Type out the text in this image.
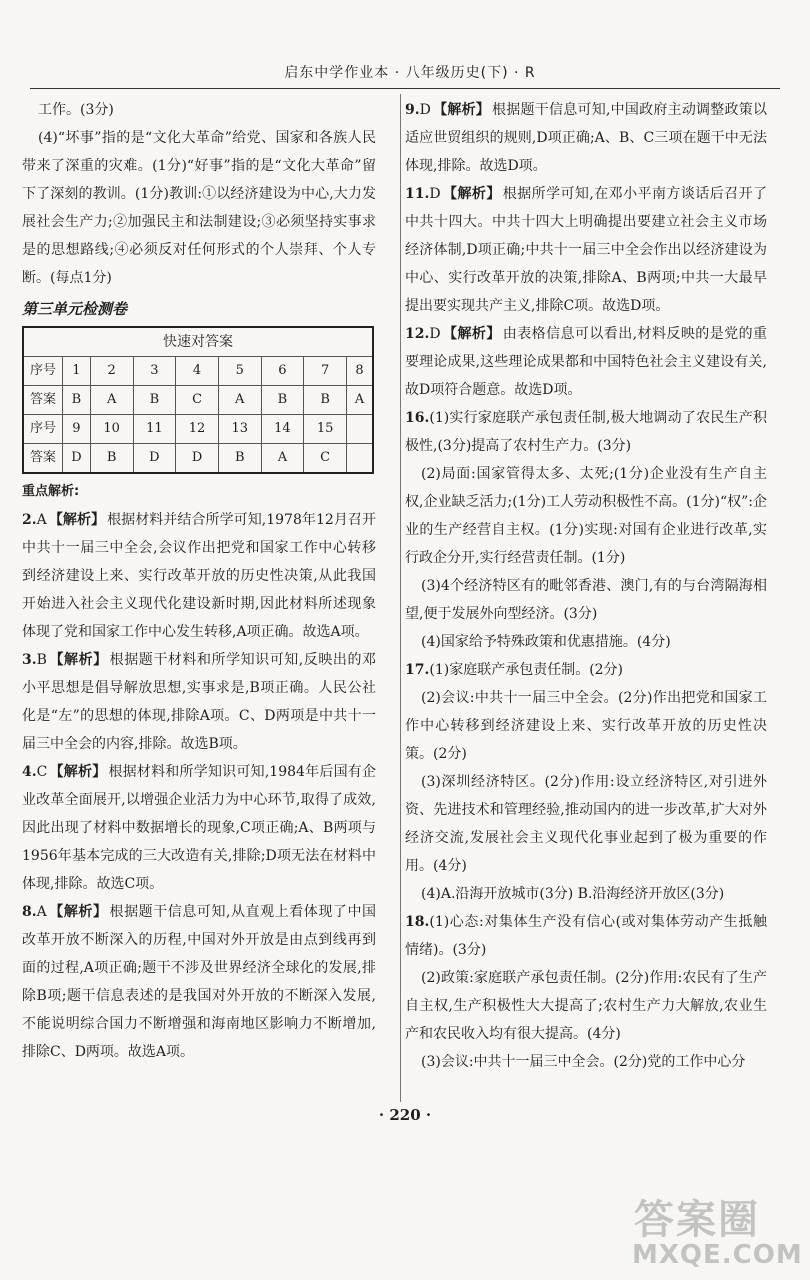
启东中学作业本 · 八年级历史(下) · R

工作。(3分)

(4)“坏事”指的是“文化大革命”给党、国家和各族人民带来了深重的灾难。(1分)“好事”指的是“文化大革命”留下了深刻的教训。(1分)教训:①以经济建设为中心,大力发展社会生产力;②加强民主和法制建设;③必须坚持实事求是的思想路线;④必须反对任何形式的个人崇拜、个人专断。(每点1分)

第三单元检测卷
快速对答案								
序号	1	2	3	4	5	6	7	8
答案	B	A	B	C	A	B	B	A
序号	9	10	11	12	13	14	15	
答案	D	B	D	D	B	A	C	
重点解析:

2.A 【解析】 根据材料并结合所学可知,1978年12月召开中共十一届三中全会,会议作出把党和国家工作中心转移到经济建设上来、实行改革开放的历史性决策,从此我国开始进入社会主义现代化建设新时期,因此材料所述现象体现了党和国家工作中心发生转移,A项正确。故选A项。

3.B 【解析】 根据题干材料和所学知识可知,反映出的邓小平思想是倡导解放思想,实事求是,B项正确。人民公社化是“左”的思想的体现,排除A项。C、D两项是中共十一届三中全会的内容,排除。故选B项。

4.C 【解析】 根据材料和所学知识可知,1984年后国有企业改革全面展开,以增强企业活力为中心环节,取得了成效,因此出现了材料中数据增长的现象,C项正确;A、B两项与1956年基本完成的三大改造有关,排除;D项无法在材料中体现,排除。故选C项。

8.A 【解析】 根据题干信息可知,从直观上看体现了中国改革开放不断深入的历程,中国对外开放是由点到线再到面的过程,A项正确;题干不涉及世界经济全球化的发展,排除B项;题干信息表述的是我国对外开放的不断深入发展,不能说明综合国力不断增强和海南地区影响力不断增加,排除C、D两项。故选A项。

9.D 【解析】 根据题干信息可知,中国政府主动调整政策以适应世贸组织的规则,D项正确;A、B、C三项在题干中无法体现,排除。故选D项。

11.D 【解析】 根据所学可知,在邓小平南方谈话后召开了中共十四大。中共十四大上明确提出要建立社会主义市场经济体制,D项正确;中共十一届三中全会作出以经济建设为中心、实行改革开放的决策,排除A、B两项;中共一大最早提出要实现共产主义,排除C项。故选D项。

12.D 【解析】 由表格信息可以看出,材料反映的是党的重要理论成果,这些理论成果都和中国特色社会主义建设有关,故D项符合题意。故选D项。

16.(1)实行家庭联产承包责任制,极大地调动了农民生产积极性,(3分)提高了农村生产力。(3分)

(2)局面:国家管得太多、太死;(1分)企业没有生产自主权,企业缺乏活力;(1分)工人劳动积极性不高。(1分)“权”:企业的生产经营自主权。(1分)实现:对国有企业进行改革,实行政企分开,实行经营责任制。(1分)

(3)4个经济特区有的毗邻香港、澳门,有的与台湾隔海相望,便于发展外向型经济。(3分)

(4)国家给予特殊政策和优惠措施。(4分)

17.(1)家庭联产承包责任制。(2分)

(2)会议:中共十一届三中全会。(2分)作出把党和国家工作中心转移到经济建设上来、实行改革开放的历史性决策。(2分)

(3)深圳经济特区。(2分)作用:设立经济特区,对引进外资、先进技术和管理经验,推动国内的进一步改革,扩大对外经济交流,发展社会主义现代化事业起到了极为重要的作用。(4分)

(4)A.沿海开放城市(3分) B.沿海经济开放区(3分)

18.(1)心态:对集体生产没有信心(或对集体劳动产生抵触情绪)。(3分)

(2)政策:家庭联产承包责任制。(2分)作用:农民有了生产自主权,生产积极性大大提高了;农村生产力大解放,农业生产和农民收入均有很大提高。(4分)

(3)会议:中共十一届三中全会。(2分)党的工作中心分

· 220 ·
答案圈
MXQE.COM
